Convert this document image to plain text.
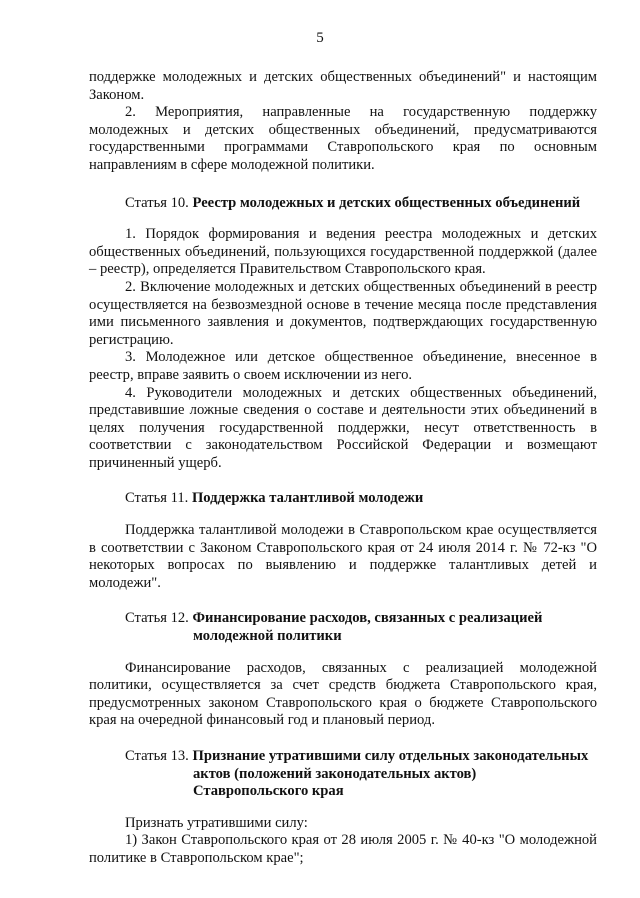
5

поддержке молодежных и детских общественных объединений" и настоящим Законом.

2. Мероприятия, направленные на государственную поддержку молодежных и детских общественных объединений, предусматриваются государственными программами Ставропольского края по основным направлениям в сфере молодежной политики.

Статья 10. Реестр молодежных и детских общественных объединений

1. Порядок формирования и ведения реестра молодежных и детских общественных объединений, пользующихся государственной поддержкой (далее – реестр), определяется Правительством Ставропольского края.

2. Включение молодежных и детских общественных объединений в реестр осуществляется на безвозмездной основе в течение месяца после представления ими письменного заявления и документов, подтверждающих государственную регистрацию.

3. Молодежное или детское общественное объединение, внесенное в реестр, вправе заявить о своем исключении из него.

4. Руководители молодежных и детских общественных объединений, представившие ложные сведения о составе и деятельности этих объединений в целях получения государственной поддержки, несут ответственность в соответствии с законодательством Российской Федерации и возмещают причиненный ущерб.

Статья 11. Поддержка талантливой молодежи

Поддержка талантливой молодежи в Ставропольском крае осуществляется в соответствии с Законом Ставропольского края от 24 июля 2014 г. № 72-кз "О некоторых вопросах по выявлению и поддержке талантливых детей и молодежи".

Статья 12. Финансирование расходов, связанных с реализацией
молодежной политики

Финансирование расходов, связанных с реализацией молодежной политики, осуществляется за счет средств бюджета Ставропольского края, предусмотренных законом Ставропольского края о бюджете Ставропольского края на очередной финансовый год и плановый период.

Статья 13. Признание утратившими силу отдельных законодательных
актов (положений законодательных актов)
Ставропольского края

Признать утратившими силу:

1) Закон Ставропольского края от 28 июля 2005 г. № 40-кз "О молодежной политике в Ставропольском крае";
